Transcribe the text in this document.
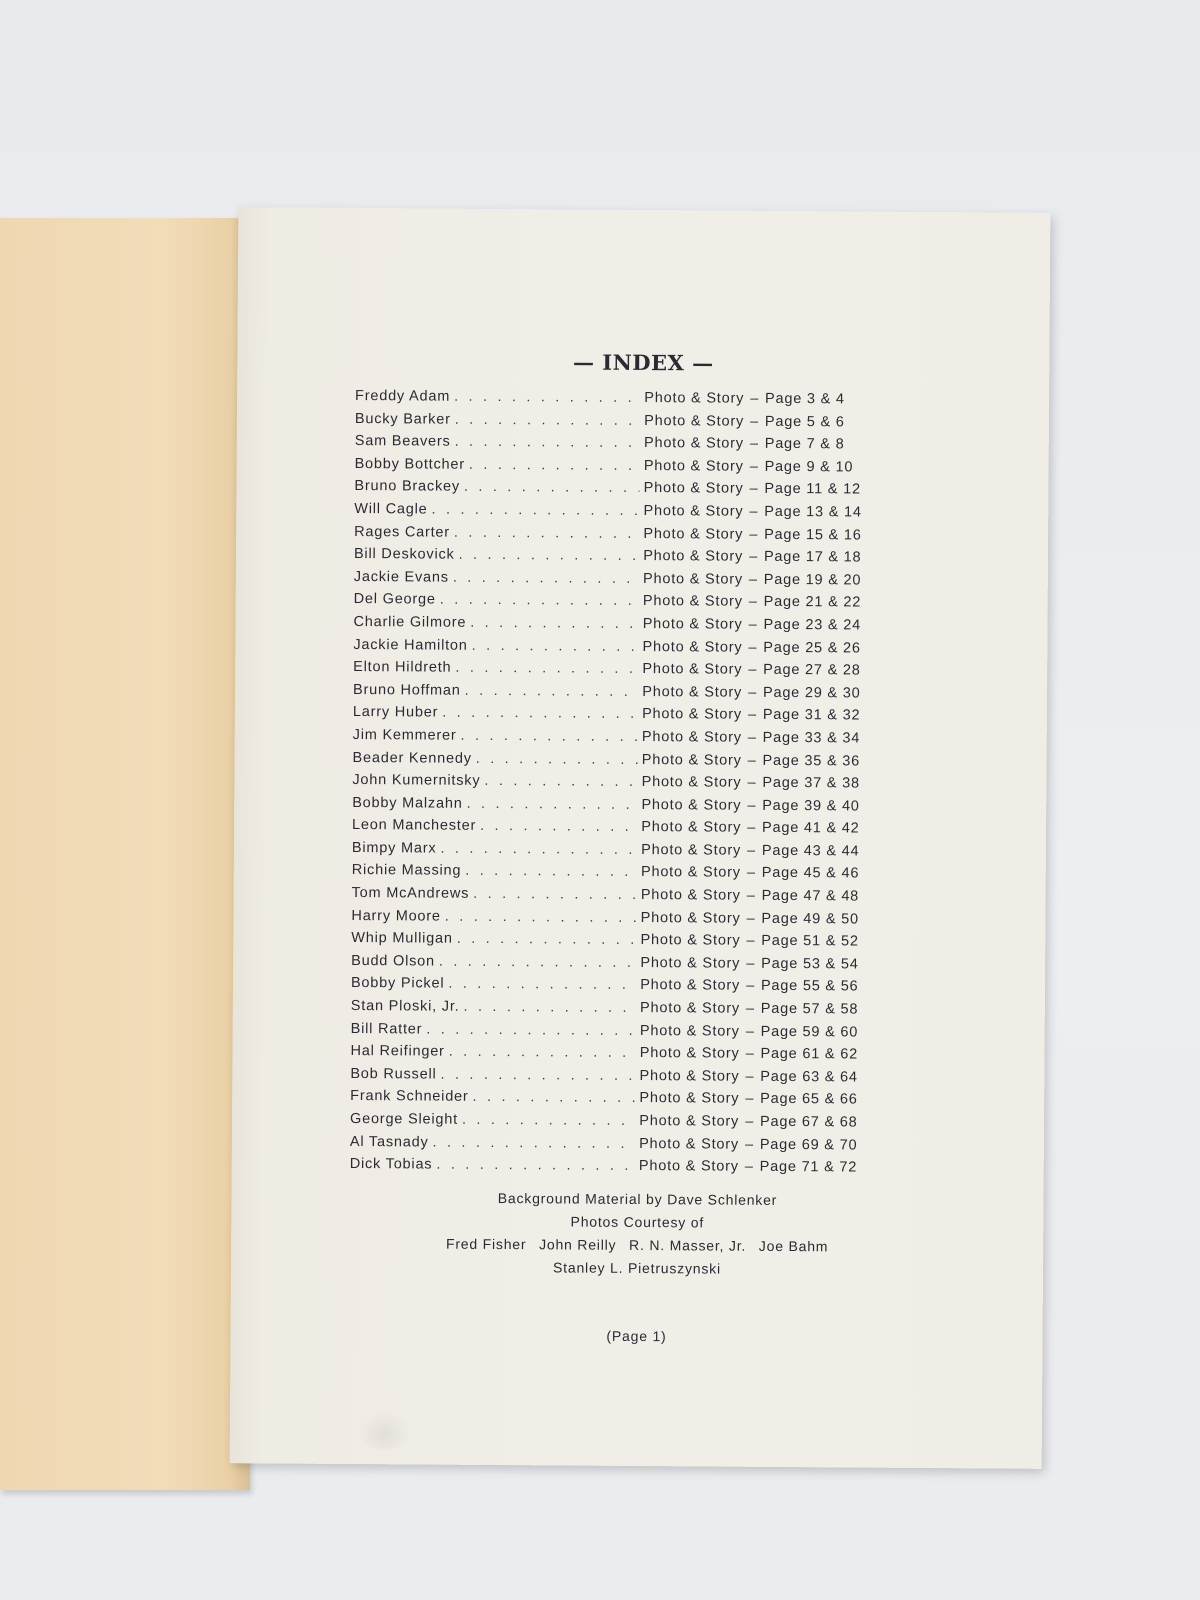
— INDEX —
Freddy Adam . . .	Photo & Story – Page 3 & 4
Bucky Barker . . .	Photo & Story – Page 5 & 6
Sam Beavers . . .	Photo & Story – Page 7 & 8
Bobby Bottcher . . .	Photo & Story – Page 9 & 10
Bruno Brackey . . .	Photo & Story – Page 11 & 12
Will Cagle . . .	Photo & Story – Page 13 & 14
Rages Carter . . .	Photo & Story – Page 15 & 16
Bill Deskovick . . .	Photo & Story – Page 17 & 18
Jackie Evans . . .	Photo & Story – Page 19 & 20
Del George . . .	Photo & Story – Page 21 & 22
Charlie Gilmore . . .	Photo & Story – Page 23 & 24
Jackie Hamilton . . .	Photo & Story – Page 25 & 26
Elton Hildreth . . .	Photo & Story – Page 27 & 28
Bruno Hoffman . . .	Photo & Story – Page 29 & 30
Larry Huber . . .	Photo & Story – Page 31 & 32
Jim Kemmerer . . .	Photo & Story – Page 33 & 34
Beader Kennedy . . .	Photo & Story – Page 35 & 36
John Kumernitsky . . .	Photo & Story – Page 37 & 38
Bobby Malzahn . . .	Photo & Story – Page 39 & 40
Leon Manchester . . .	Photo & Story – Page 41 & 42
Bimpy Marx . . .	Photo & Story – Page 43 & 44
Richie Massing . . .	Photo & Story – Page 45 & 46
Tom McAndrews . . .	Photo & Story – Page 47 & 48
Harry Moore . . .	Photo & Story – Page 49 & 50
Whip Mulligan . . .	Photo & Story – Page 51 & 52
Budd Olson . . .	Photo & Story – Page 53 & 54
Bobby Pickel . . .	Photo & Story – Page 55 & 56
Stan Ploski, Jr. . . .	Photo & Story – Page 57 & 58
Bill Ratter . . .	Photo & Story – Page 59 & 60
Hal Reifinger . . .	Photo & Story – Page 61 & 62
Bob Russell . . .	Photo & Story – Page 63 & 64
Frank Schneider . . .	Photo & Story – Page 65 & 66
George Sleight . . .	Photo & Story – Page 67 & 68
Al Tasnady . . .	Photo & Story – Page 69 & 70
Dick Tobias . . .	Photo & Story – Page 71 & 72
Background Material by Dave Schlenker
Photos Courtesy of
Fred Fisher John Reilly R. N. Masser, Jr. Joe Bahm
Stanley L. Pietruszynski
(Page 1)
